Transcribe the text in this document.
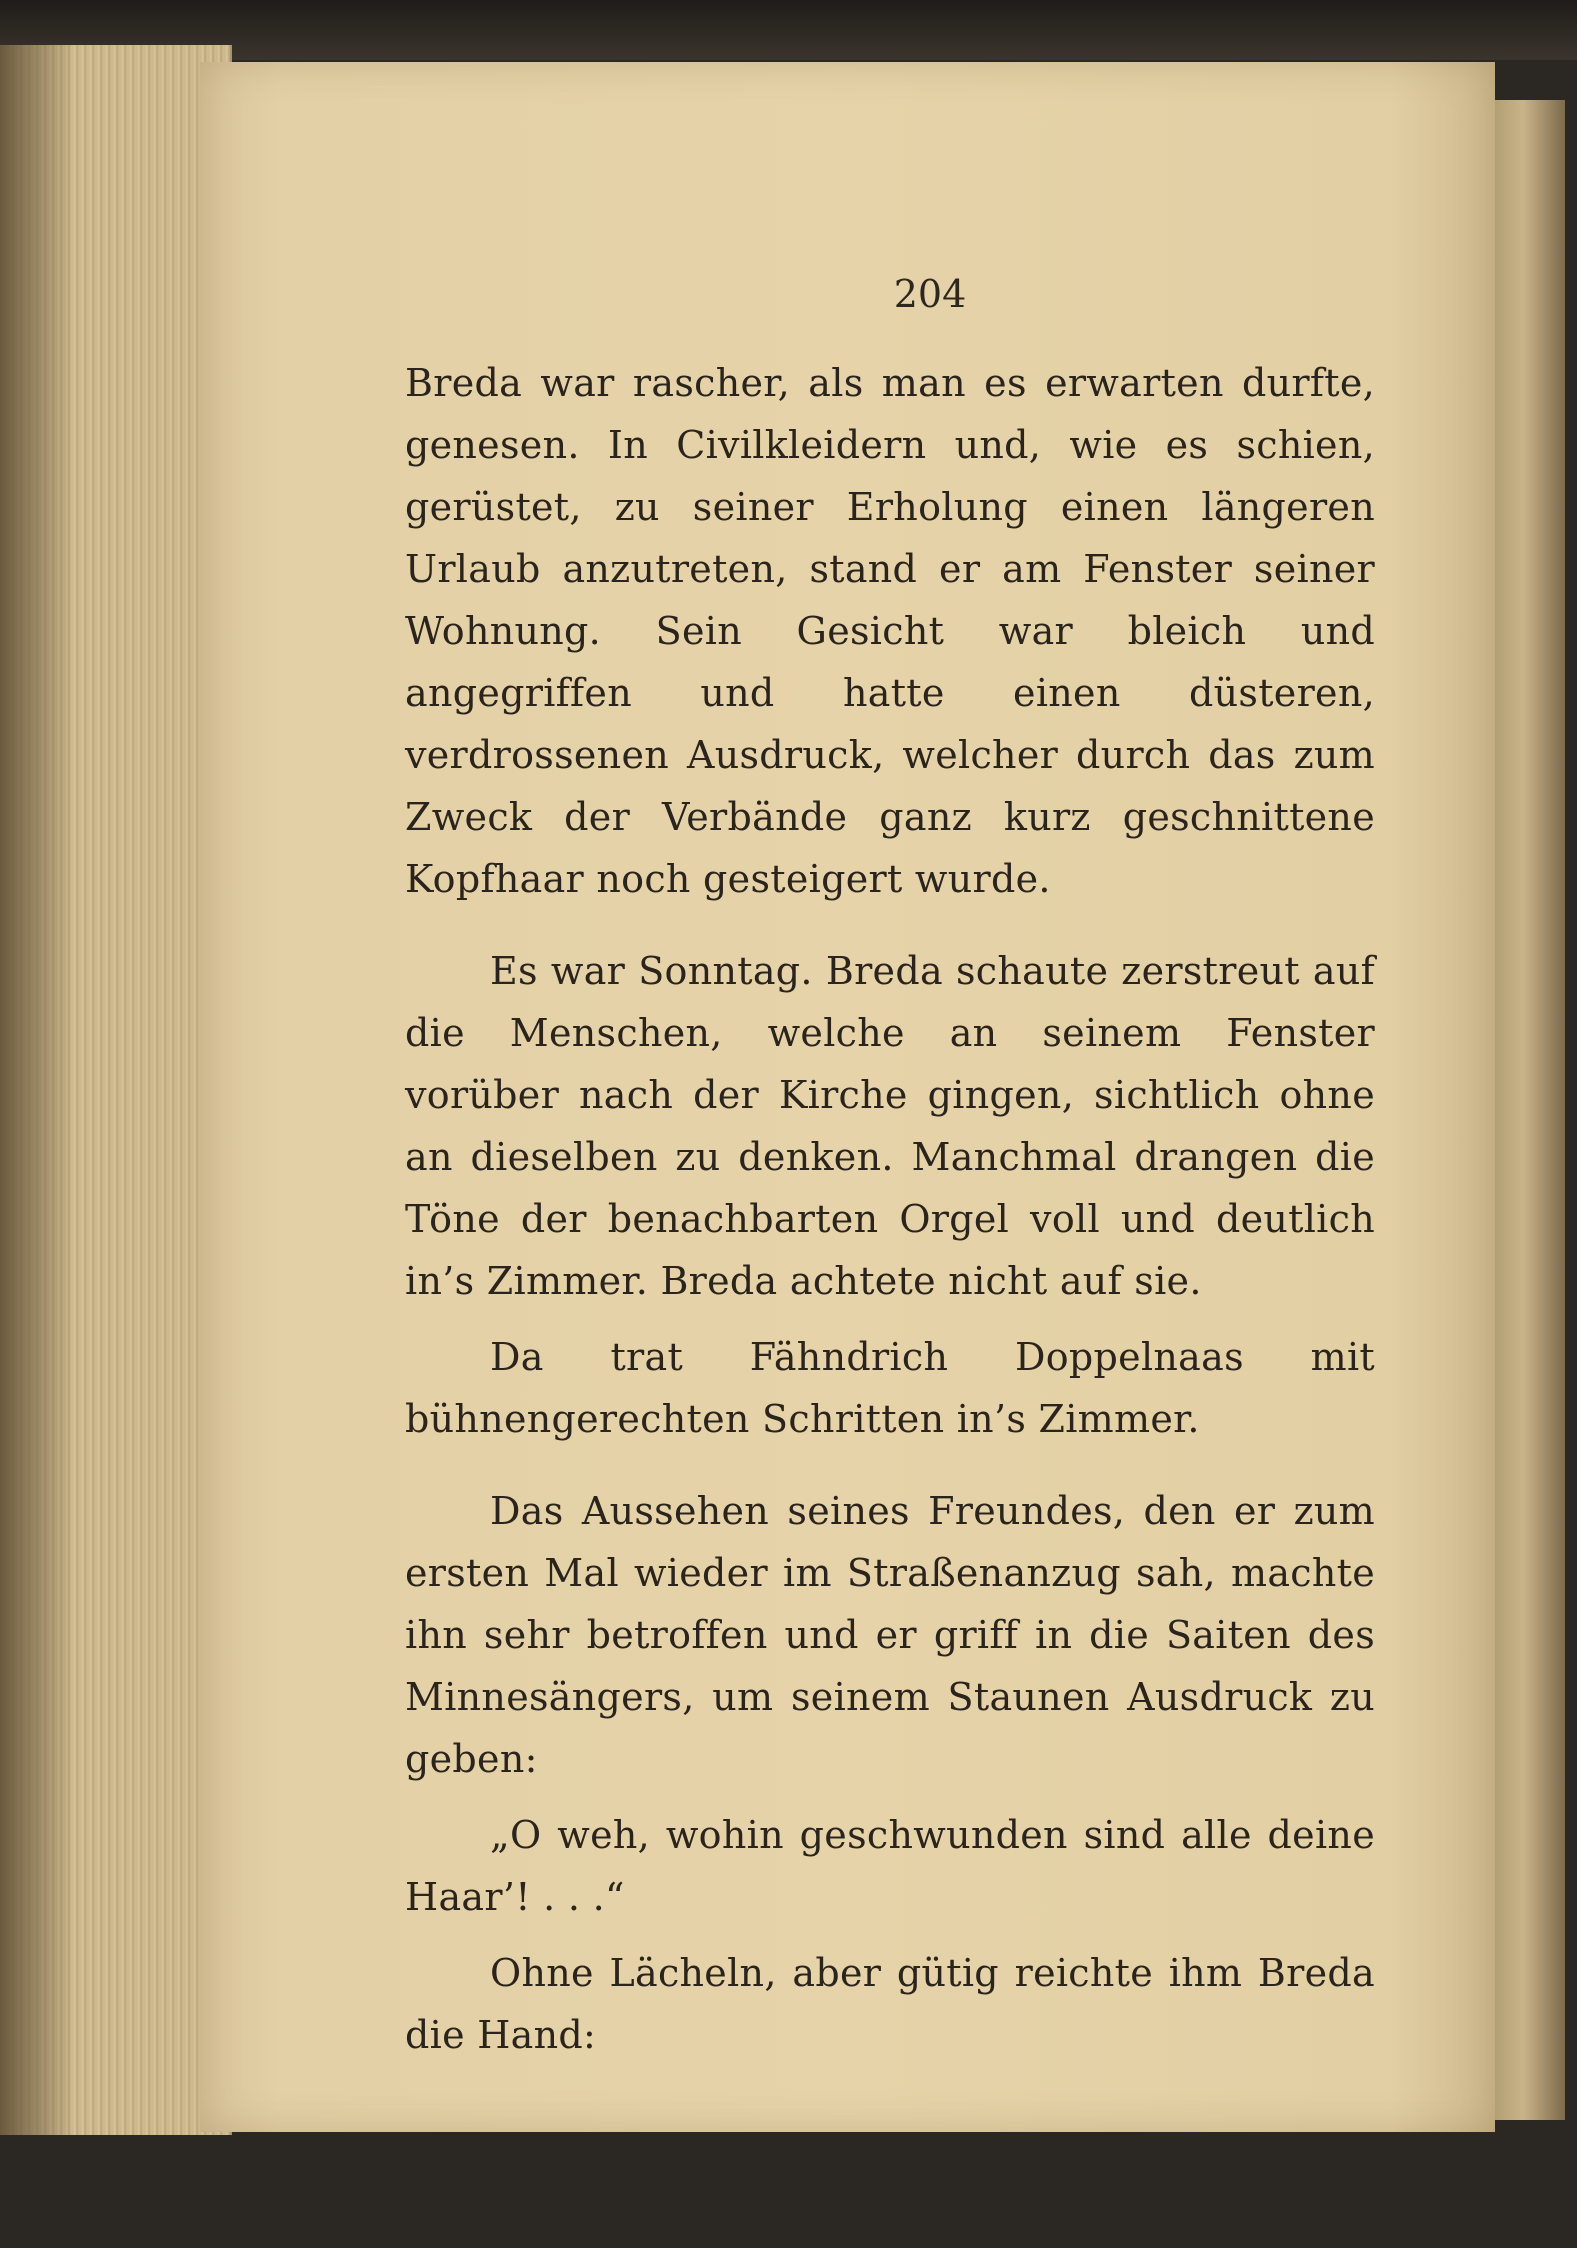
204

Breda war rascher, als man es erwarten durfte, genesen. In Civilkleidern und, wie es schien, gerüstet, zu seiner Erholung einen längeren Urlaub anzutreten, stand er am Fenster seiner Wohnung. Sein Gesicht war bleich und angegriffen und hatte einen düsteren, verdrossenen Ausdruck, welcher durch das zum Zweck der Verbände ganz kurz geschnittene Kopfhaar noch gesteigert wurde.

Es war Sonntag. Breda schaute zerstreut auf die Menschen, welche an seinem Fenster vorüber nach der Kirche gingen, sichtlich ohne an dieselben zu denken. Manchmal drangen die Töne der benachbarten Orgel voll und deutlich in’s Zimmer. Breda achtete nicht auf sie.

Da trat Fähndrich Doppelnaas mit bühnengerechten Schritten in’s Zimmer.

Das Aussehen seines Freundes, den er zum ersten Mal wieder im Straßenanzug sah, machte ihn sehr betroffen und er griff in die Saiten des Minnesängers, um seinem Staunen Ausdruck zu geben:

„O weh, wohin geschwunden sind alle deine Haar’! . . .“

Ohne Lächeln, aber gütig reichte ihm Breda die Hand:
